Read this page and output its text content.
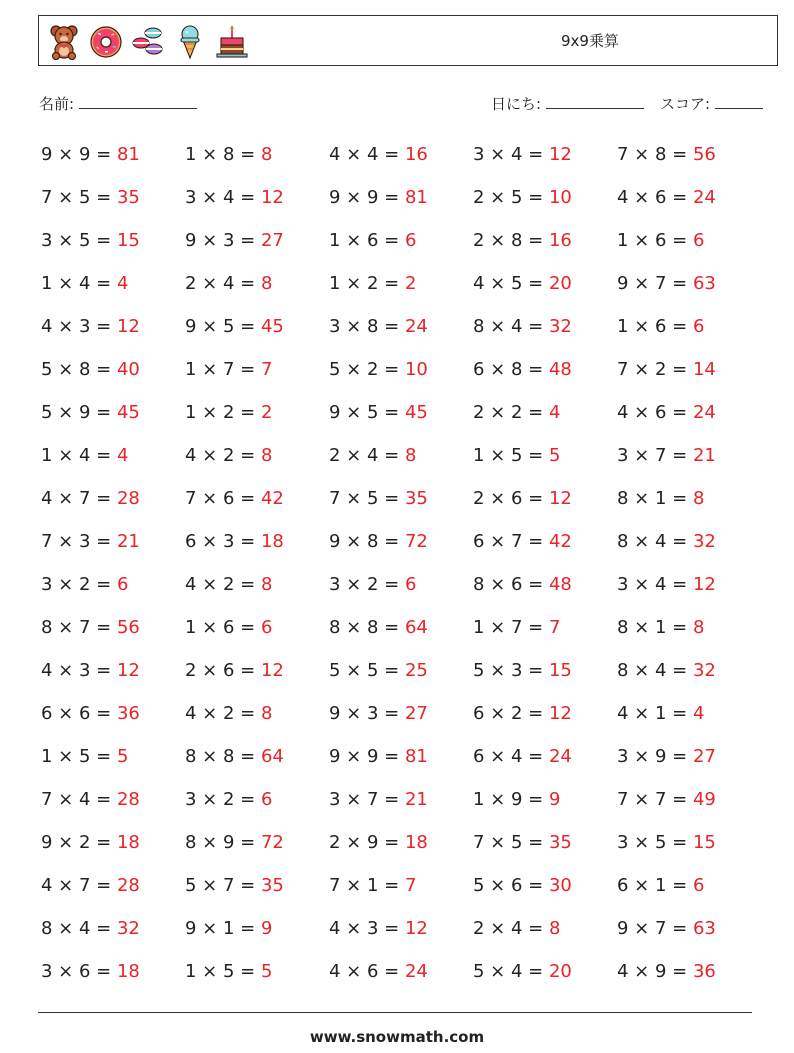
9x9乗算
名前:	日にち:	スコア:
9 × 9 = 81
7 × 5 = 35
3 × 5 = 15
1 × 4 = 4
4 × 3 = 12
5 × 8 = 40
5 × 9 = 45
1 × 4 = 4
4 × 7 = 28
7 × 3 = 21
3 × 2 = 6
8 × 7 = 56
4 × 3 = 12
6 × 6 = 36
1 × 5 = 5
7 × 4 = 28
9 × 2 = 18
4 × 7 = 28
8 × 4 = 32
3 × 6 = 18
1 × 8 = 8
3 × 4 = 12
9 × 3 = 27
2 × 4 = 8
9 × 5 = 45
1 × 7 = 7
1 × 2 = 2
4 × 2 = 8
7 × 6 = 42
6 × 3 = 18
4 × 2 = 8
1 × 6 = 6
2 × 6 = 12
4 × 2 = 8
8 × 8 = 64
3 × 2 = 6
8 × 9 = 72
5 × 7 = 35
9 × 1 = 9
1 × 5 = 5
4 × 4 = 16
9 × 9 = 81
1 × 6 = 6
1 × 2 = 2
3 × 8 = 24
5 × 2 = 10
9 × 5 = 45
2 × 4 = 8
7 × 5 = 35
9 × 8 = 72
3 × 2 = 6
8 × 8 = 64
5 × 5 = 25
9 × 3 = 27
9 × 9 = 81
3 × 7 = 21
2 × 9 = 18
7 × 1 = 7
4 × 3 = 12
4 × 6 = 24
3 × 4 = 12
2 × 5 = 10
2 × 8 = 16
4 × 5 = 20
8 × 4 = 32
6 × 8 = 48
2 × 2 = 4
1 × 5 = 5
2 × 6 = 12
6 × 7 = 42
8 × 6 = 48
1 × 7 = 7
5 × 3 = 15
6 × 2 = 12
6 × 4 = 24
1 × 9 = 9
7 × 5 = 35
5 × 6 = 30
2 × 4 = 8
5 × 4 = 20
7 × 8 = 56
4 × 6 = 24
1 × 6 = 6
9 × 7 = 63
1 × 6 = 6
7 × 2 = 14
4 × 6 = 24
3 × 7 = 21
8 × 1 = 8
8 × 4 = 32
3 × 4 = 12
8 × 1 = 8
8 × 4 = 32
4 × 1 = 4
3 × 9 = 27
7 × 7 = 49
3 × 5 = 15
6 × 1 = 6
9 × 7 = 63
4 × 9 = 36
www.snowmath.com
